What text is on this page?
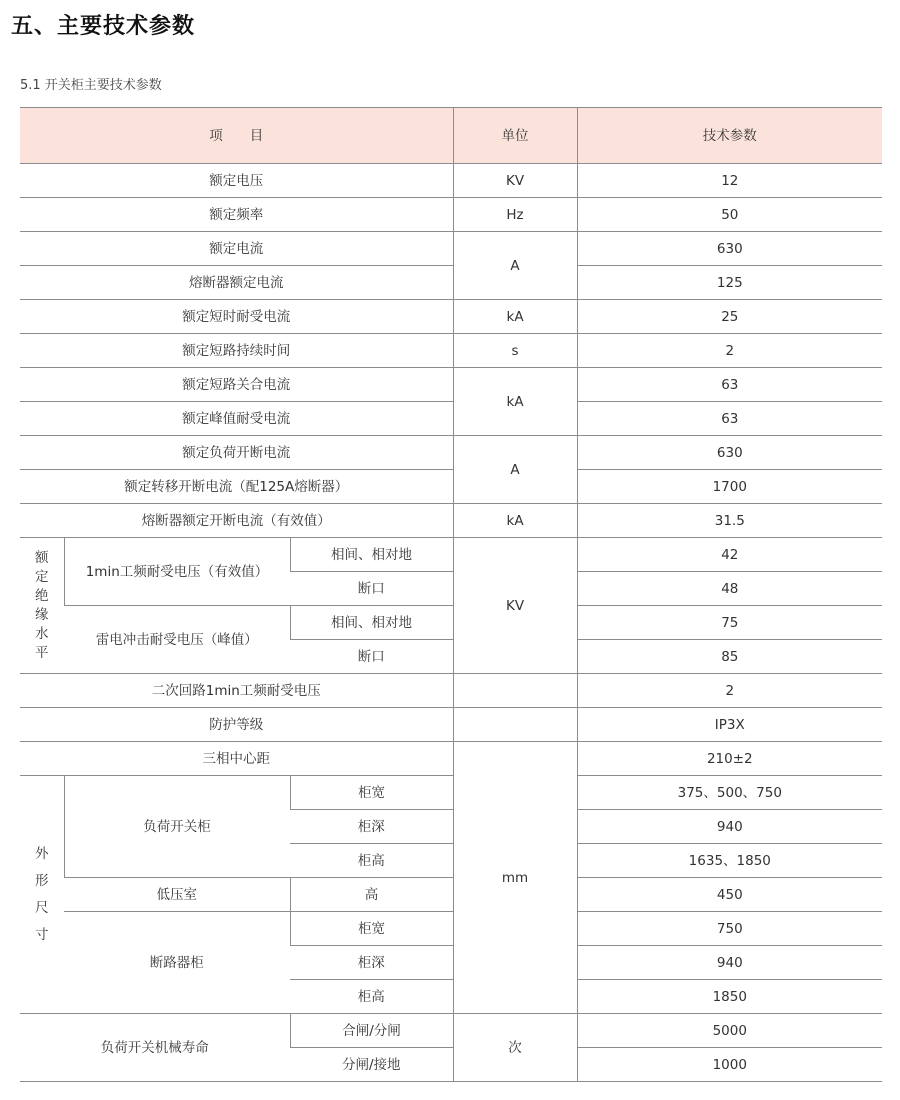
五、主要技术参数

5.1 开关柜主要技术参数

项　　目			单位	技术参数
额定电压			KV	12
额定频率			Hz	50
额定电流			A	630
熔断器额定电流				125
额定短时耐受电流			kA	25
额定短路持续时间			s	2
额定短路关合电流			kA	63
额定峰值耐受电流				63
额定负荷开断电流			A	630
额定转移开断电流（配125A熔断器）				1700
熔断器额定开断电流（有效值）			kA	31.5
额定绝缘水平	1min工频耐受电压（有效值）	相间、相对地	KV	42
		断口		48
	雷电冲击耐受电压（峰值）	相间、相对地		75
		断口		85
二次回路1min工频耐受电压				2
防护等级				IP3X
三相中心距			mm	210±2
外形尺寸	负荷开关柜	柜宽		375、500、750
		柜深		940
		柜高		1635、1850
	低压室	高		450
	断路器柜	柜宽		750
		柜深		940
		柜高		1850
负荷开关机械寿命		合闸/分闸	次	5000
		分闸/接地		1000
